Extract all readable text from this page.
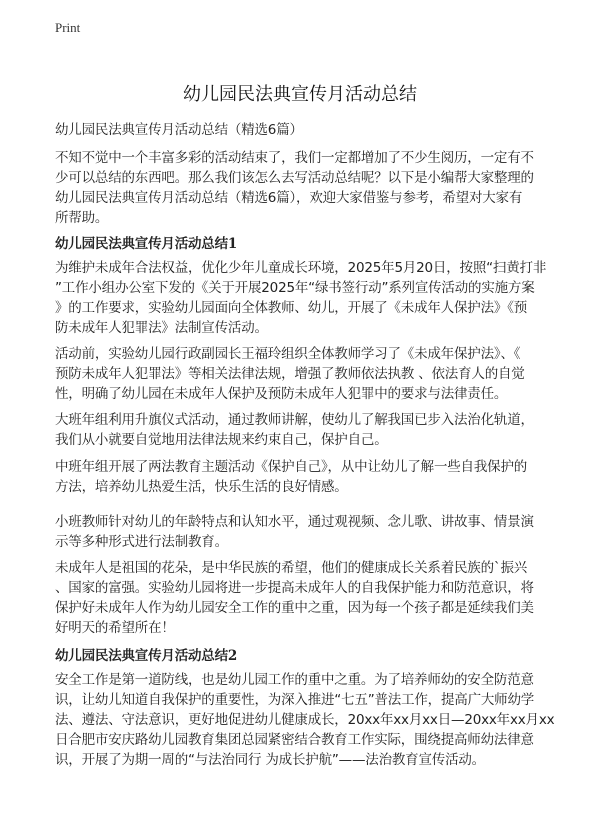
Print
幼儿园民法典宣传月活动总结
幼儿园民法典宣传月活动总结（精选6篇）
不知不觉中一个丰富多彩的活动结束了，我们一定都增加了不少生阅历，一定有不
少可以总结的东西吧。那么我们该怎么去写活动总结呢？以下是小编帮大家整理的
幼儿园民法典宣传月活动总结（精选6篇），欢迎大家借鉴与参考，希望对大家有
所帮助。
幼儿园民法典宣传月活动总结1
为维护未成年合法权益，优化少年儿童成长环境，2025年5月20日，按照“扫黄打非
”工作小组办公室下发的《关于开展2025年“绿书签行动”系列宣传活动的实施方案
》的工作要求，实验幼儿园面向全体教师、幼儿，开展了《未成年人保护法》《预
防未成年人犯罪法》法制宣传活动。
活动前，实验幼儿园行政副园长王福玲组织全体教师学习了《未成年保护法》、《
预防未成年人犯罪法》等相关法律法规，增强了教师依法执教 、依法育人的自觉
性，明确了幼儿园在未成年人保护及预防未成年人犯罪中的要求与法律责任。
大班年组利用升旗仪式活动，通过教师讲解，使幼儿了解我国已步入法治化轨道，
我们从小就要自觉地用法律法规来约束自己，保护自己。
中班年组开展了两法教育主题活动《保护自己》，从中让幼儿了解一些自我保护的
方法，培养幼儿热爱生活，快乐生活的良好情感。
小班教师针对幼儿的年龄特点和认知水平，通过观视频、念儿歌、讲故事、情景演
示等多种形式进行法制教育。
未成年人是祖国的花朵，是中华民族的希望，他们的健康成长关系着民族的`振兴
、国家的富强。实验幼儿园将进一步提高未成年人的自我保护能力和防范意识，将
保护好未成年人作为幼儿园安全工作的重中之重，因为每一个孩子都是延续我们美
好明天的希望所在！
幼儿园民法典宣传月活动总结2
安全工作是第一道防线，也是幼儿园工作的重中之重。为了培养师幼的安全防范意
识，让幼儿知道自我保护的重要性，为深入推进“七五”普法工作，提高广大师幼学
法、遵法、守法意识，更好地促进幼儿健康成长，20xx年xx月xx日—20xx年xx月xx
日合肥市安庆路幼儿园教育集团总园紧密结合教育工作实际，围绕提高师幼法律意
识，开展了为期一周的“与法治同行 为成长护航”——法治教育宣传活动。
